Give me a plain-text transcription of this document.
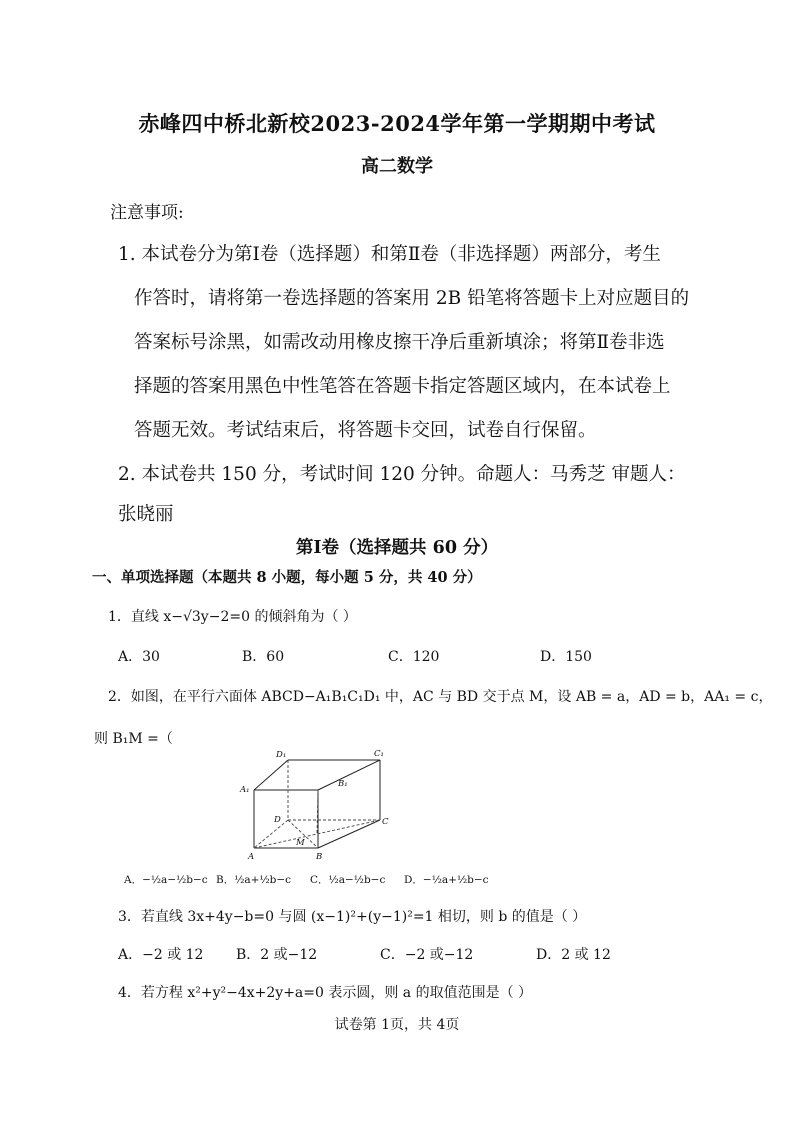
赤峰四中桥北新校2023-2024学年第一学期期中考试
高二数学
注意事项:
1. 本试卷分为第Ⅰ卷（选择题）和第Ⅱ卷（非选择题）两部分，考生
作答时，请将第一卷选择题的答案用 2B 铅笔将答题卡上对应题目的
答案标号涂黑，如需改动用橡皮擦干净后重新填涂；将第Ⅱ卷非选
择题的答案用黑色中性笔答在答题卡指定答题区域内，在本试卷上
答题无效。考试结束后，将答题卡交回，试卷自行保留。
2. 本试卷共 150 分，考试时间 120 分钟。命题人：马秀芝 审题人：
张晓丽
第Ⅰ卷（选择题共 60 分）
一、单项选择题（本题共 8 小题，每小题 5 分，共 40 分）
1．直线 x−√3y−2=0 的倾斜角为（ ）
A．30	B．60	C．120	D．150
2．如图，在平行六面体 ABCD−A₁B₁C₁D₁ 中，AC 与 BD 交于点 M，设 AB = a，AD = b，AA₁ = c，
则 B₁M =（
D₁	C₁
A₁
B₁
D	C
M
A	B
A．−½a−½b−c B．½a+½b−c C．½a−½b−c D．−½a+½b−c
3．若直线 3x+4y−b=0 与圆 (x−1)²+(y−1)²=1 相切，则 b 的值是（ ）
A．−2 或 12 B．2 或−12	C．−2 或−12	D．2 或 12
4．若方程 x²+y²−4x+2y+a=0 表示圆，则 a 的取值范围是（ ）
试卷第 1页，共 4页
